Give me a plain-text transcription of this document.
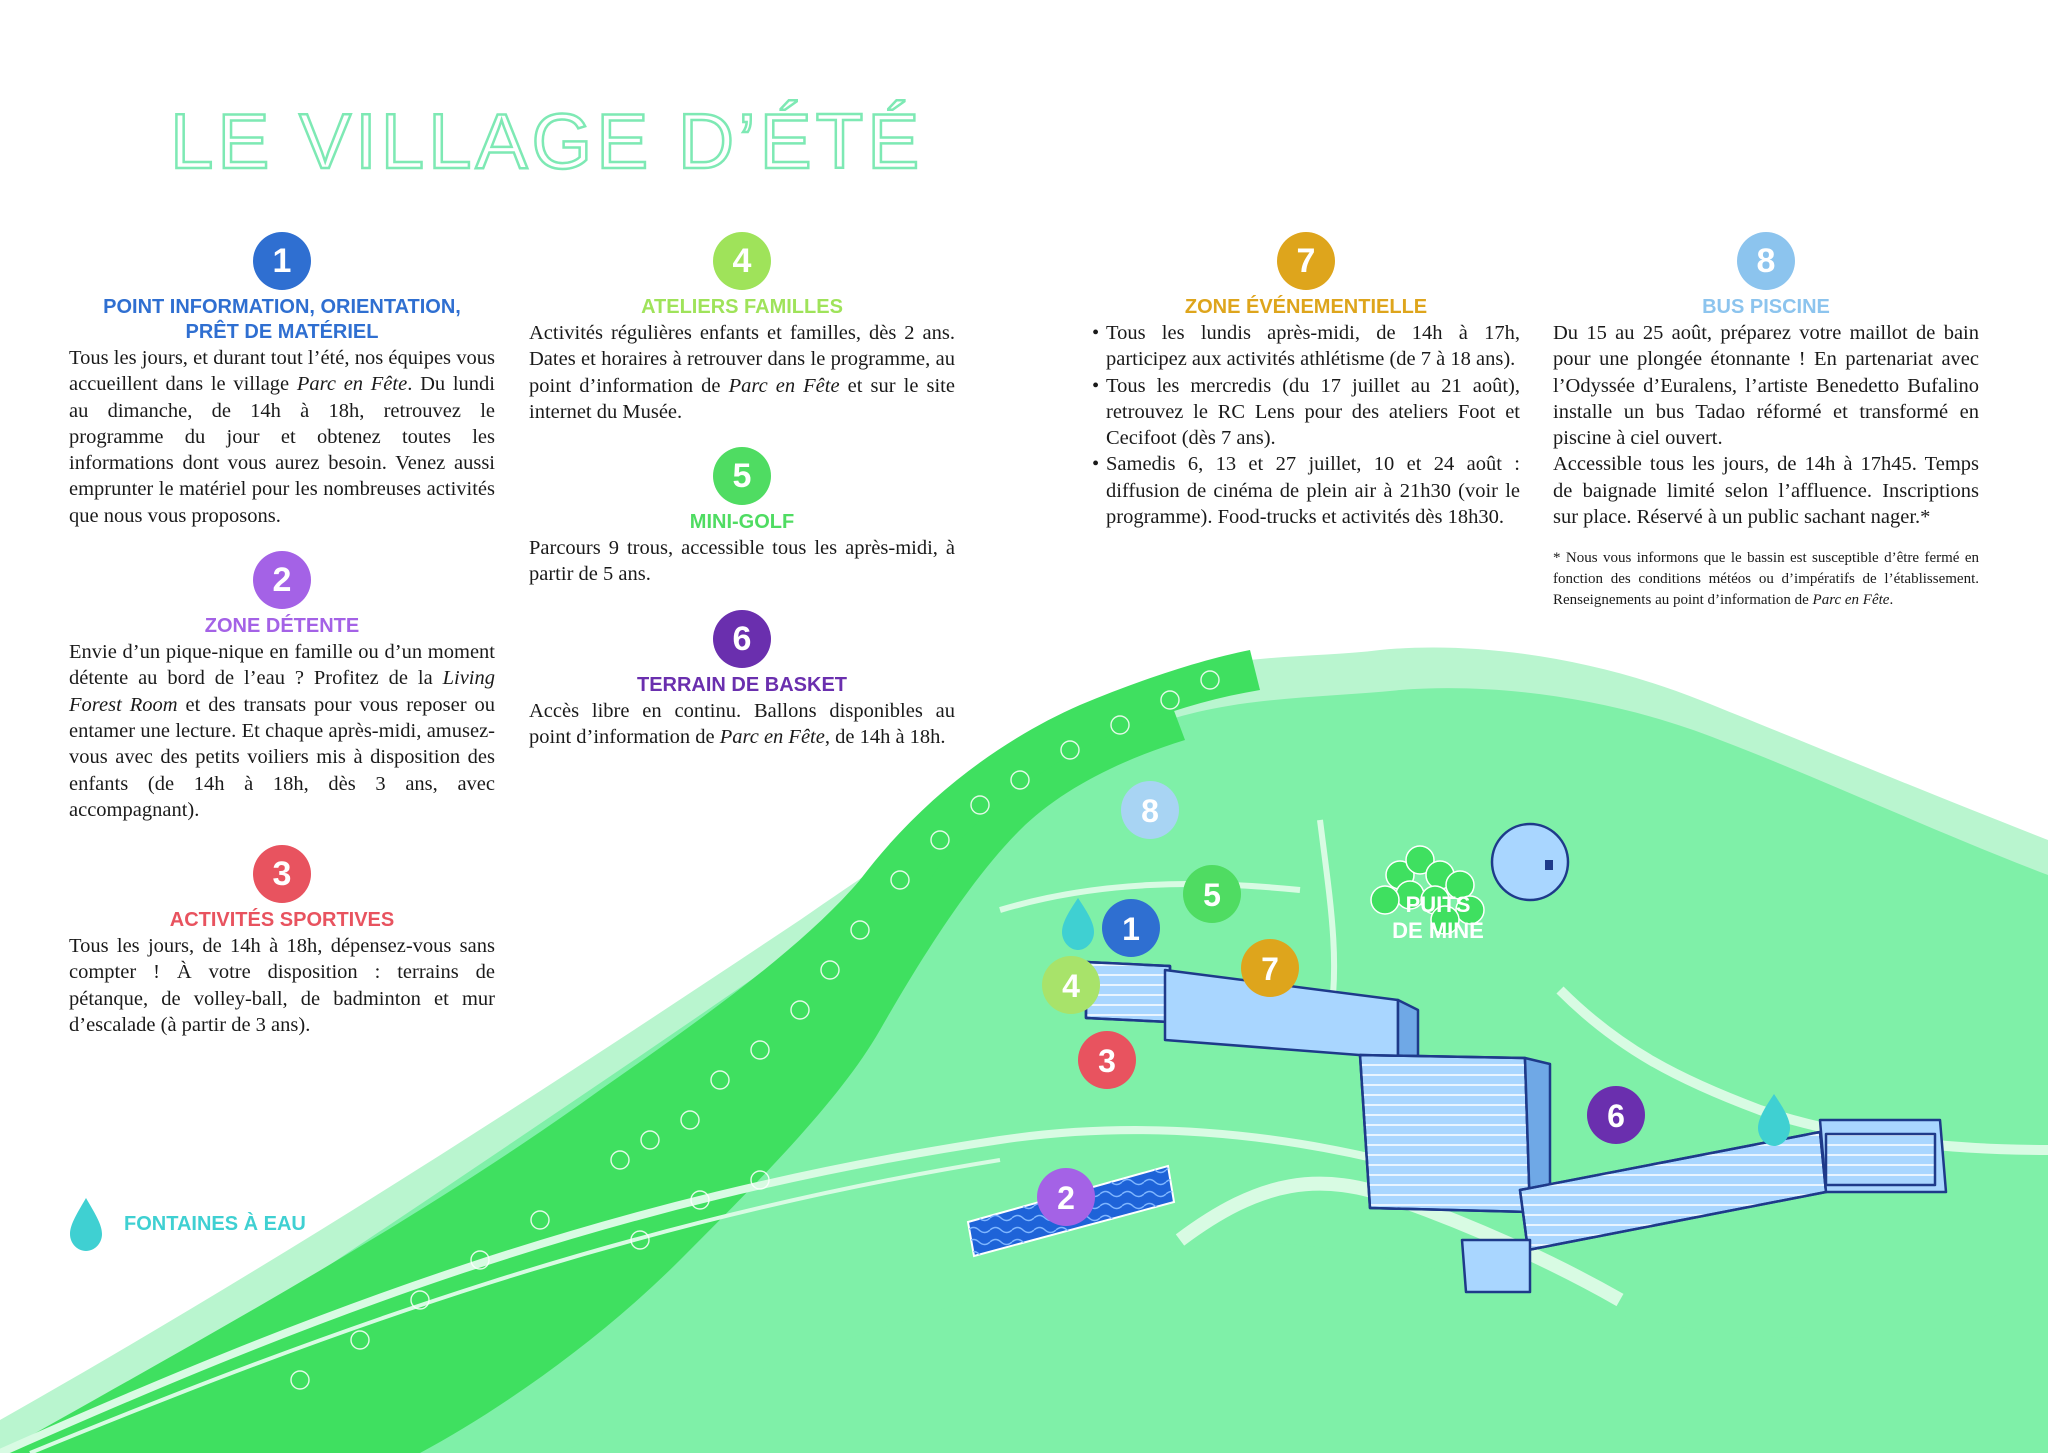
8
5
1
7
4
3
6
2
PUITS
DE MINE
LE VILLAGE D’ÉTÉ
1
POINT INFORMATION, ORIENTATION,
PRÊT DE MATÉRIEL
Tous les jours, et durant tout l’été, nos équipes vous accueillent dans le village Parc en Fête. Du lundi au dimanche, de 14h à 18h, retrouvez le programme du jour et obtenez toutes les informations dont vous aurez besoin. Venez aussi emprunter le matériel pour les nombreuses activités que nous vous proposons.
2
ZONE DÉTENTE
Envie d’un pique-nique en famille ou d’un moment détente au bord de l’eau ? Profitez de la Living Forest Room et des transats pour vous reposer ou entamer une lecture. Et chaque après-midi, amusez-vous avec des petits voiliers mis à disposition des enfants (de 14h à 18h, dès 3 ans, avec accompagnant).
3
ACTIVITÉS SPORTIVES
Tous les jours, de 14h à 18h, dépensez-vous sans compter ! À votre disposition : terrains de pétanque, de volley-ball, de badminton et mur d’escalade (à partir de 3 ans).
4
ATELIERS FAMILLES
Activités régulières enfants et familles, dès 2 ans. Dates et horaires à retrouver dans le programme, au point d’information de Parc en Fête et sur le site internet du Musée.
5
MINI-GOLF
Parcours 9 trous, accessible tous les après-midi, à partir de 5 ans.
6
TERRAIN DE BASKET
Accès libre en continu. Ballons disponibles au point d’information de Parc en Fête, de 14h à 18h.
7
ZONE ÉVÉNEMENTIELLE
• Tous les lundis après-midi, de 14h à 17h, participez aux activités athlétisme (de 7 à 18 ans).
• Tous les mercredis (du 17 juillet au 21 août), retrouvez le RC Lens pour des ateliers Foot et Cecifoot (dès 7 ans).
• Samedis 6, 13 et 27 juillet, 10 et 24 août : diffusion de cinéma de plein air à 21h30 (voir le programme). Food-trucks et activités dès 18h30.
8
BUS PISCINE
Du 15 au 25 août, préparez votre maillot de bain pour une plongée étonnante ! En partenariat avec l’Odyssée d’Euralens, l’artiste Benedetto Bufalino installe un bus Tadao réformé et transformé en piscine à ciel ouvert.
Accessible tous les jours, de 14h à 17h45. Temps de baignade limité selon l’affluence. Inscriptions sur place. Réservé à un public sachant nager.*
* Nous vous informons que le bassin est susceptible d’être fermé en fonction des conditions météos ou d’impératifs de l’établissement. Renseignements au point d’information de Parc en Fête.
FONTAINES À EAU
